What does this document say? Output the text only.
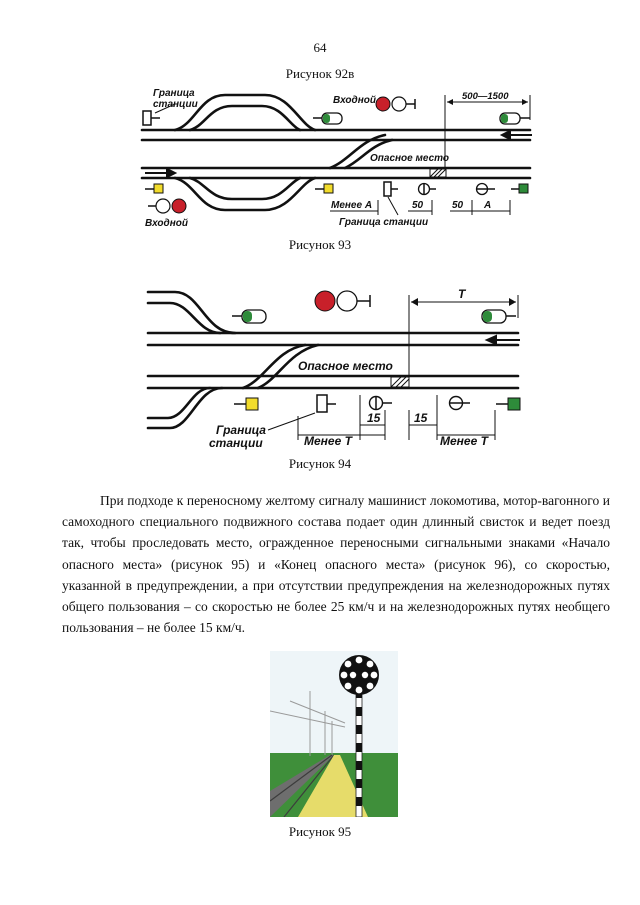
64
Рисунок 92в
Граница
станции	Входной	500—1500
Опасное место
Входной	Граница станции
Менее А	50	50 А
Рисунок 93
Т
Опасное место
Граница
станции	Менее Т
15	15
Менее Т
Рисунок 94

При подходе к переносному желтому сигналу машинист локомотива, мотор-вагонного и самоходного специального подвижного состава подает один длинный свисток и ведет поезд так, чтобы проследовать место, огражденное переносными сигнальными знаками «Начало опасного места» (рисунок 95) и «Конец опасного места» (рисунок 96), со скоростью, указанной в предупреждении, а при отсутствии предупреждения на железнодорожных путях общего пользования – со скоростью не более 25 км/ч и на железнодорожных путях необщего пользования – не более 15 км/ч.

Рисунок 95
